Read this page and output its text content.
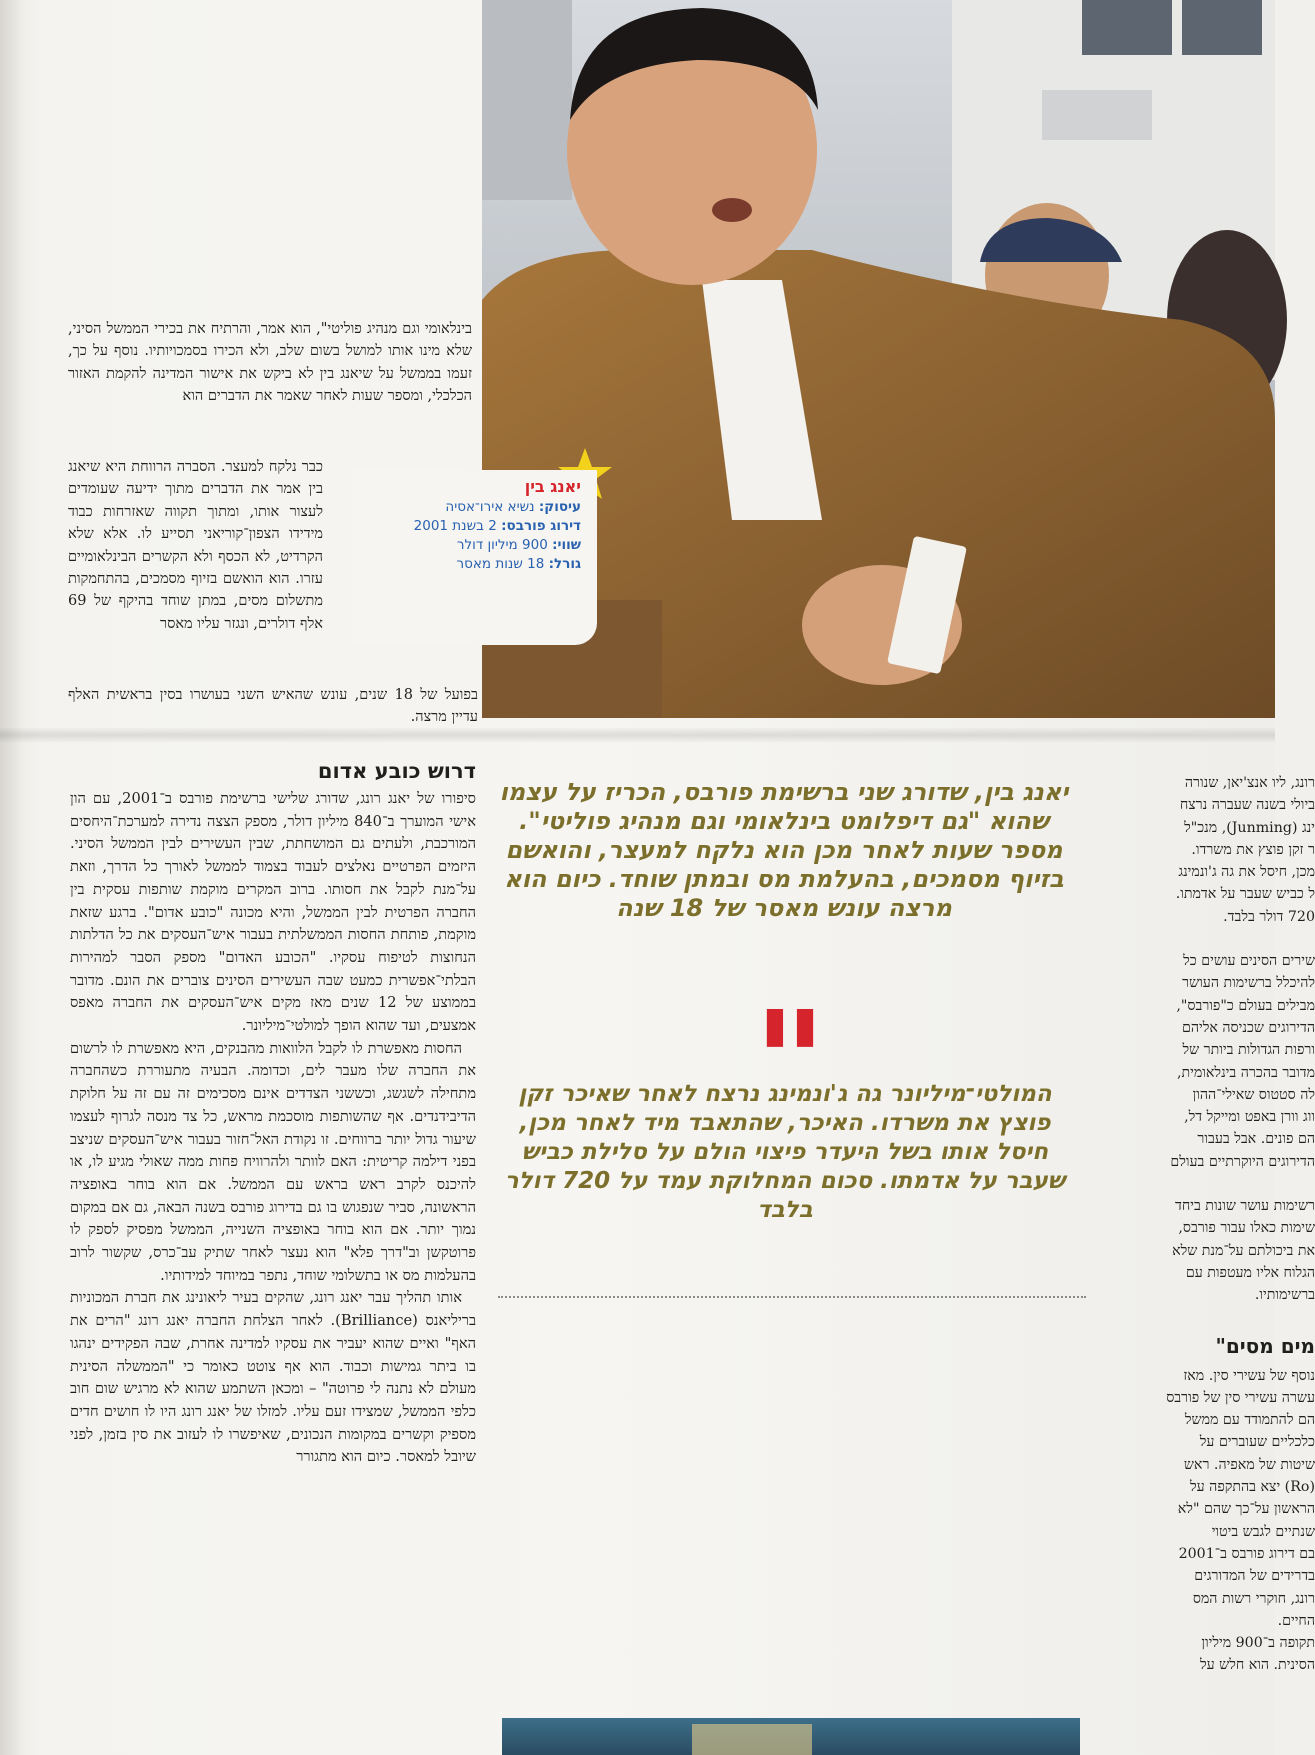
יאנג בין
עיסוק: נשיא אירו־אסיה
דירוג פורבס: 2 בשנת 2001
שווי: 900 מיליון דולר
גורל: 18 שנות מאסר

בינלאומי וגם מנהיג פוליטי", הוא אמר, והרתיח את בכירי הממשל הסיני, שלא מינו אותו למושל בשום שלב, ולא הכירו בסמכויותיו. נוסף על כך, זעמו בממשל על שיאנג בין לא ביקש את אישור המדינה להקמת האזור הכלכלי, ומספר שעות לאחר שאמר את הדברים הוא

כבר נלקח למעצר. הסברה הרווחת היא שיאנג בין אמר את הדברים מתוך ידיעה שעומדים לעצור אותו, ומתוך תקווה שאזרחות כבוד מידידו הצפון־קוריאני תסייע לו. אלא שלא הקרדיט, לא הכסף ולא הקשרים הבינלאומיים עזרו. הוא הואשם בזיוף מסמכים, בהתחמקות מתשלום מסים, במתן שוחד בהיקף של 69 אלף דולרים, ונגזר עליו מאסר

בפועל של 18 שנים, עונש שהאיש השני בעושרו בסין בראשית האלף עדיין מרצה.

דרוש כובע אדום

סיפורו של יאנג רונג, שדורג שלישי ברשימת פורבס ב־2001, עם הון אישי המוערך ב־840 מיליון דולר, מספק הצצה נדירה למערכת־היחסים המורכבת, ולעתים גם המושחתת, שבין העשירים לבין הממשל הסיני. היזמים הפרטיים נאלצים לעבוד בצמוד לממשל לאורך כל הדרך, וזאת על־מנת לקבל את חסותו. ברוב המקרים מוקמת שותפות עסקית בין החברה הפרטית לבין הממשל, והיא מכונה "כובע אדום". ברגע שזאת מוקמת, פותחת החסות הממשלתית בעבור איש־העסקים את כל הדלתות הנחוצות לטיפוח עסקיו. "הכובע האדום" מספק הסבר למהירות הבלתי־אפשרית כמעט שבה העשירים הסינים צוברים את הונם. מדובר בממוצע של 12 שנים מאז מקים איש־העסקים את החברה מאפס אמצעים, ועד שהוא הופך למולטי־מיליונר.

החסות מאפשרת לו לקבל הלוואות מהבנקים, היא מאפשרת לו לרשום את החברה שלו מעבר לים, וכדומה. הבעיה מתעוררת כשהחברה מתחילה לשגשג, וכששני הצדדים אינם מסכימים זה עם זה על חלוקת הדיבידנדים. אף שהשותפות מוסכמת מראש, כל צד מנסה לגרוף לעצמו שיעור גדול יותר ברווחים. זו נקודת האל־חזור בעבור איש־העסקים שניצב בפני דילמה קריטית: האם לוותר ולהרוויח פחות ממה שאולי מגיע לו, או להיכנס לקרב ראש בראש עם הממשל. אם הוא בוחר באופציה הראשונה, סביר שנפגוש בו גם בדירוג פורבס בשנה הבאה, גם אם במקום נמוך יותר. אם הוא בוחר באופציה השנייה, הממשל מפסיק לספק לו פרוטקשן וב"דרך פלא" הוא נעצר לאחר שתיק עב־כרס, שקשור לרוב בהעלמות מס או בתשלומי שוחד, נתפר במיוחד למידותיו.

אותו תהליך עבר יאנג רונג, שהקים בעיר ליאונינג את חברת המכוניות בריליאנס (Brilliance). לאחר הצלחת החברה יאנג רונג "הרים את האף" ואיים שהוא יעביר את עסקיו למדינה אחרת, שבה הפקידים ינהגו בו ביתר גמישות וכבוד. הוא אף צוטט כאומר כי "הממשלה הסינית מעולם לא נתנה לי פרוטה" – ומכאן השתמע שהוא לא מרגיש שום חוב כלפי הממשל, שמצידו זעם עליו. למזלו של יאנג רונג היו לו חושים חדים מספיק וקשרים במקומות הנכונים, שאיפשרו לו לעזוב את סין בזמן, לפני שיובל למאסר. כיום הוא מתגורר

יאנג בין, שדורג שני ברשימת פורבס, הכריז על עצמו שהוא "גם דיפלומט בינלאומי וגם מנהיג פוליטי". מספר שעות לאחר מכן הוא נלקח למעצר, והואשם בזיוף מסמכים, בהעלמת מס ובמתן שוחד. כיום הוא מרצה עונש מאסר של 18 שנה
"
המולטי־מיליונר גה ג'ונמינג נרצח לאחר שאיכר זקן פוצץ את משרדו. האיכר, שהתאבד מיד לאחר מכן, חיסל אותו בשל היעדר פיצוי הולם על סלילת כביש שעבר על אדמתו. סכום המחלוקת עמד על 720 דולר בלבד
רונג, ליו אנצ'יאן, שנורה
ביולי בשנה שעברה נרצח
ינג (Junming), מנכ"ל
ר זקן פוצץ את משרדו.
מכן, חיסל את גה ג'ונמינג
ל כביש שעבר על אדמתו.
720 דולר בלבד.
שירים הסינים עושים כל
להיכלל ברשימות העושר
מבילים בעולם כ"פורבס",
הדירוגים שכניסה אליהם
ורפות הגדולות ביותר של
מדובר בהכרה בינלאומית,
לה סטטוס שאילי־ההון
ווג וורן באפט ומייקל דל,
הם פונים. אבל בעבור
הדירוגים היוקרתיים בעולם
רשימות עושר שונות ביחד
שימות כאלו עבור פורבס,
את ביכולתם על־מנת שלא
הגלוח אליו מעטפות עם
ברשימותיו.
מים מסים"
נוסף של עשירי סין. מאז
עשרה עשירי סין של פורבס
הם להתמודד עם ממשל
כלכליים שעוברים על
שיטות של מאפיה. ראש
(Ro) יצא בהתקפה על
הראשון על־כך שהם "לא
שנתיים לגבש ביטוי
בם דירוג פורבס ב־2001
בדרידים של המדורגים
רונג, חוקרי רשות המס
החיים.
תקופה ב־900 מיליון
הסינית. הוא חלש על
